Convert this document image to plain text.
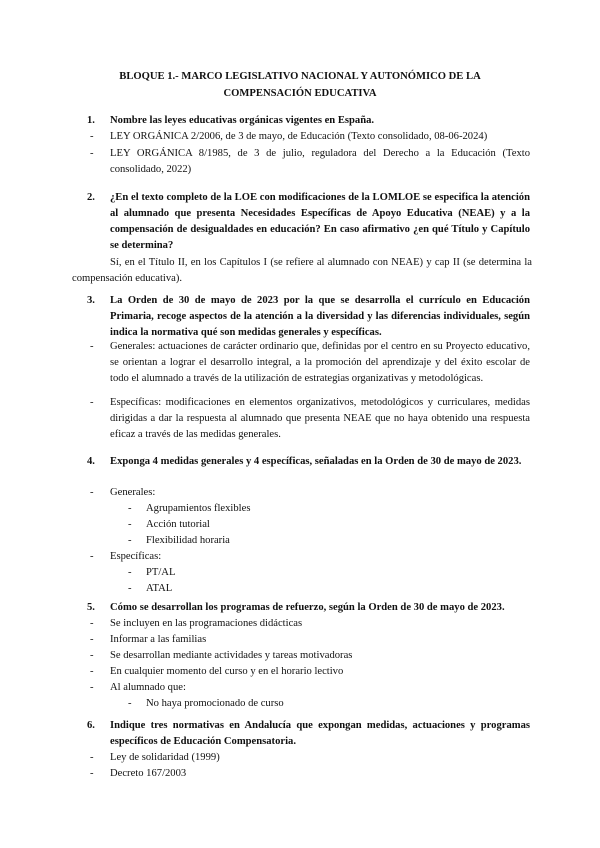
BLOQUE 1.- MARCO LEGISLATIVO NACIONAL Y AUTONÓMICO DE LA
COMPENSACIÓN EDUCATIVA
1.	Nombre las leyes educativas orgánicas vigentes en España.
- LEY ORGÁNICA 2/2006, de 3 de mayo, de Educación (Texto consolidado, 08-06-2024)
- LEY ORGÁNICA 8/1985, de 3 de julio, reguladora del Derecho a la Educación (Texto consolidado, 2022)
2.	¿En el texto completo de la LOE con modificaciones de la LOMLOE se especifica la atención al alumnado que presenta Necesidades Específicas de Apoyo Educativa (NEAE) y a la compensación de desigualdades en educación? En caso afirmativo ¿en qué Título y Capítulo se determina?
Sí, en el Título II, en los Capítulos I (se refiere al alumnado con NEAE) y cap II (se determina la compensación educativa).
3.	La Orden de 30 de mayo de 2023 por la que se desarrolla el currículo en Educación Primaria, recoge aspectos de la atención a la diversidad y las diferencias individuales, según indica la normativa qué son medidas generales y específicas.
- Generales: actuaciones de carácter ordinario que, definidas por el centro en su Proyecto educativo, se orientan a lograr el desarrollo integral, a la promoción del aprendizaje y del éxito escolar de todo el alumnado a través de la utilización de estrategias organizativas y metodológicas.
- Específicas: modificaciones en elementos organizativos, metodológicos y curriculares, medidas dirigidas a dar la respuesta al alumnado que presenta NEAE que no haya obtenido una respuesta eficaz a través de las medidas generales.
4.	Exponga 4 medidas generales y 4 específicas, señaladas en la Orden de 30 de mayo de 2023.
- Generales:
- Agrupamientos flexibles
- Acción tutorial
- Flexibilidad horaria
- Específicas:
- PT/AL
- ATAL
5.	Cómo se desarrollan los programas de refuerzo, según la Orden de 30 de mayo de 2023.
- Se incluyen en las programaciones didácticas
- Informar a las familias
- Se desarrollan mediante actividades y tareas motivadoras
- En cualquier momento del curso y en el horario lectivo
- Al alumnado que:
- No haya promocionado de curso
6.	Indique tres normativas en Andalucía que expongan medidas, actuaciones y programas específicos de Educación Compensatoria.
- Ley de solidaridad (1999)
- Decreto 167/2003
